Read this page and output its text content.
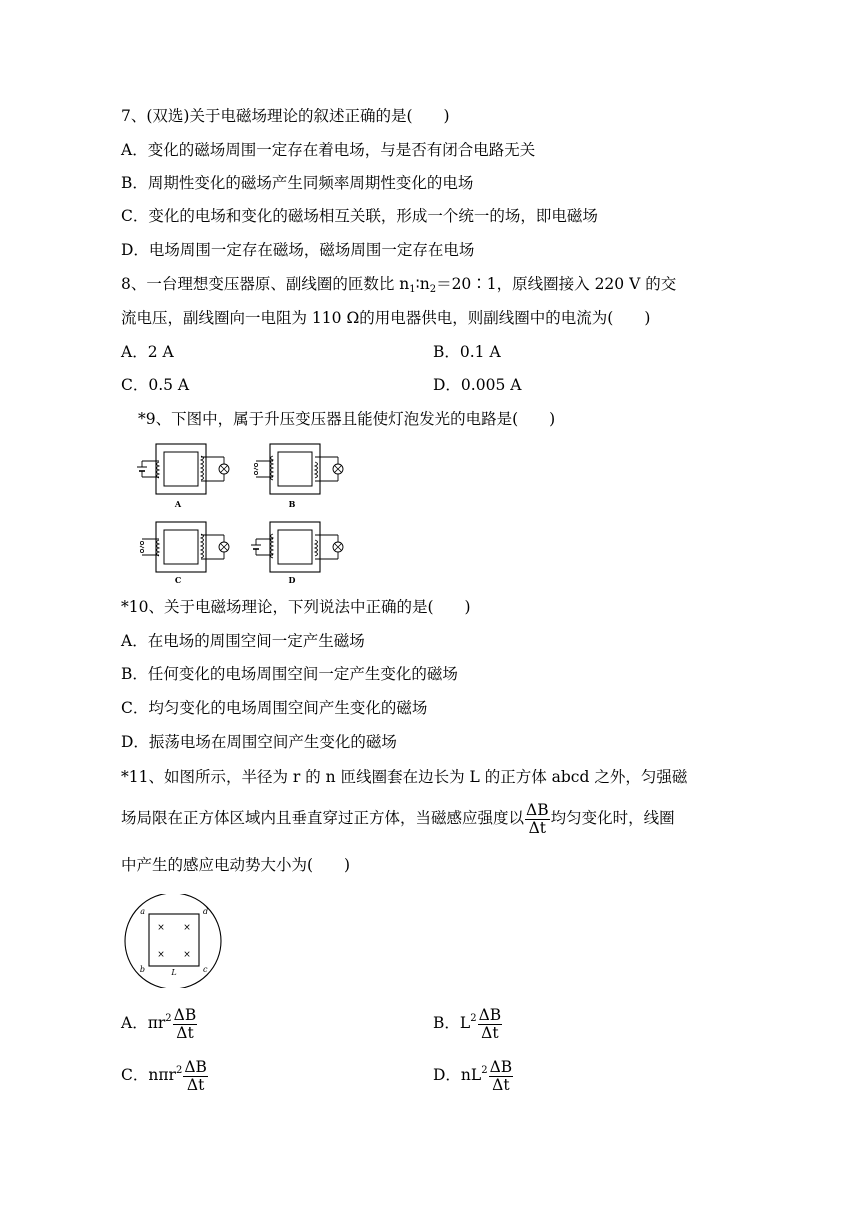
7、(双选)关于电磁场理论的叙述正确的是(　　)
A．变化的磁场周围一定存在着电场，与是否有闭合电路无关
B．周期性变化的磁场产生同频率周期性变化的电场
C．变化的电场和变化的磁场相互关联，形成一个统一的场，即电磁场
D．电场周围一定存在磁场，磁场周围一定存在电场
8、一台理想变压器原、副线圈的匝数比 $n_1∶n_2=20∶1$，原线圈接入 220 V 的交
流电压，副线圈向一电阻为 110 Ω的用电器供电，则副线圈中的电流为(　　)
A．2 A	B．0.1 A
C．0.5 A	D．0.005 A
*9、下图中，属于升压变压器且能使灯泡发光的电路是(　　)
A	B
C	D
*10、关于电磁场理论，下列说法中正确的是(　　)
A．在电场的周围空间一定产生磁场
B．任何变化的电场周围空间一定产生变化的磁场
C．均匀变化的电场周围空间产生变化的磁场
D．振荡电场在周围空间产生变化的磁场
*11、如图所示，半径为 r 的 n 匝线圈套在边长为 L 的正方体 abcd 之外，匀强磁
场局限在正方体区域内且垂直穿过正方体，当磁感应强度以 $\frac{\Delta B}{\Delta t}$ 均匀变化时，线圈
中产生的感应电动势大小为(　　)
× ×
× ×
a	d
b	c
L
A．$\pi r^2 \frac{\Delta B}{\Delta t}$	B．$L^2 \frac{\Delta B}{\Delta t}$
C．$n\pi r^2 \frac{\Delta B}{\Delta t}$	D．$nL^2 \frac{\Delta B}{\Delta t}$
